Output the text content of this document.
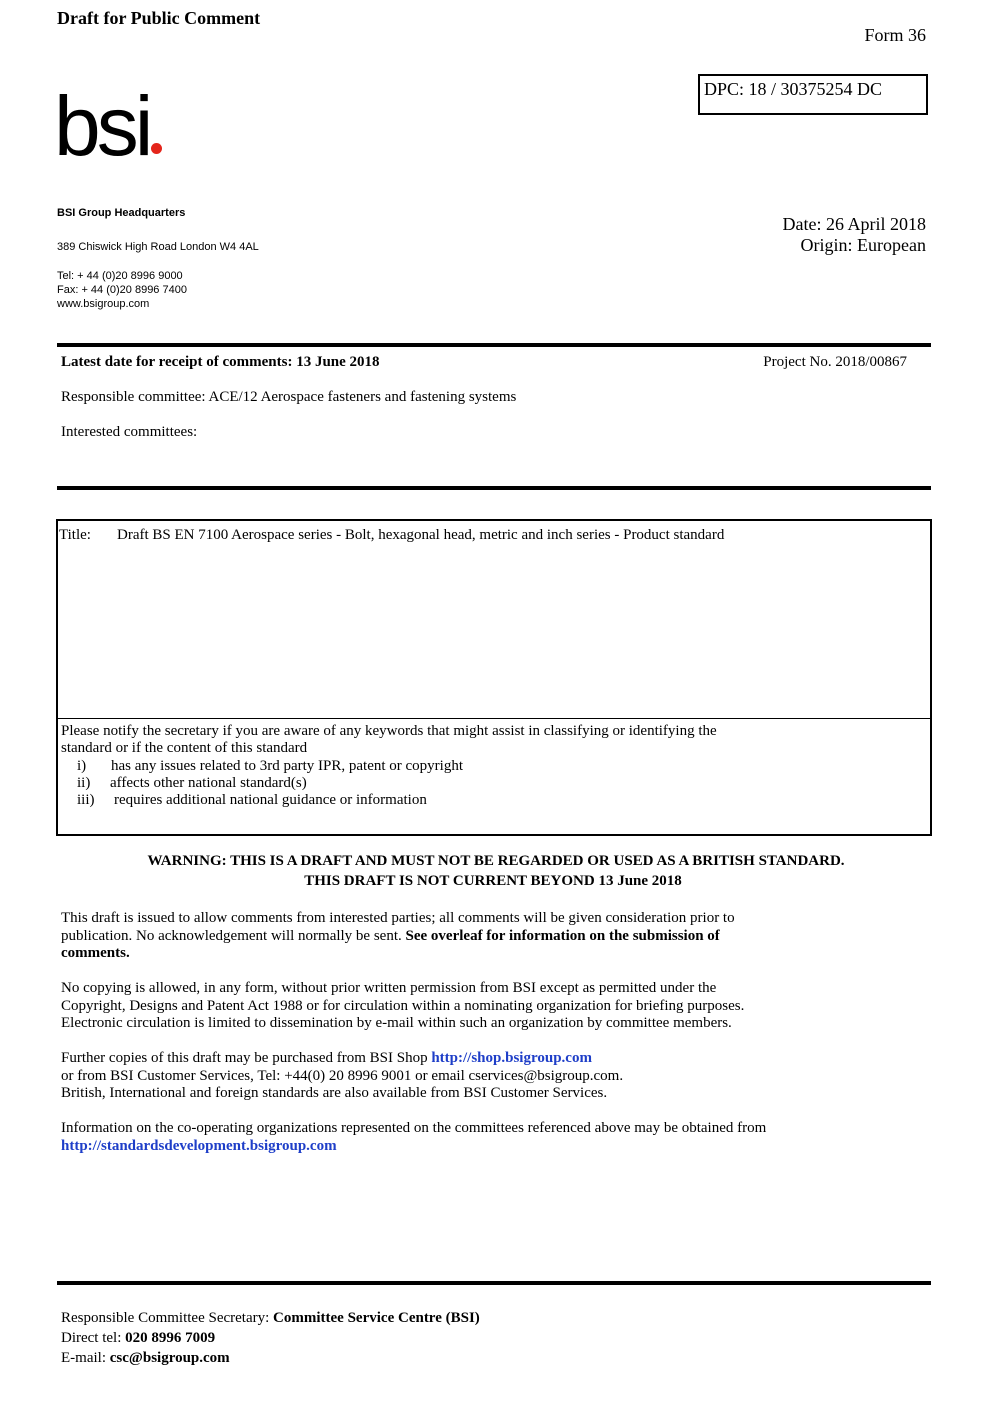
Draft for Public Comment
Form 36
DPC: 18 / 30375254 DC
bsi
BSI Group Headquarters
389 Chiswick High Road London W4 4AL
Tel: + 44 (0)20 8996 9000
Fax: + 44 (0)20 8996 7400
www.bsigroup.com
Date: 26 April 2018
Origin: European
Latest date for receipt of comments: 13 June 2018	Project No. 2018/00867
Responsible committee: ACE/12 Aerospace fasteners and fastening systems
Interested committees:
Title: Draft BS EN 7100 Aerospace series - Bolt, hexagonal head, metric and inch series - Product standard
Please notify the secretary if you are aware of any keywords that might assist in classifying or identifying the
standard or if the content of this standard
i) has any issues related to 3rd party IPR, patent or copyright
ii) affects other national standard(s)
iii) requires additional national guidance or information
WARNING: THIS IS A DRAFT AND MUST NOT BE REGARDED OR USED AS A BRITISH STANDARD.
THIS DRAFT IS NOT CURRENT BEYOND 13 June 2018
This draft is issued to allow comments from interested parties; all comments will be given consideration prior to
publication. No acknowledgement will normally be sent. See overleaf for information on the submission of
comments.
No copying is allowed, in any form, without prior written permission from BSI except as permitted under the
Copyright, Designs and Patent Act 1988 or for circulation within a nominating organization for briefing purposes.
Electronic circulation is limited to dissemination by e-mail within such an organization by committee members.
Further copies of this draft may be purchased from BSI Shop http://shop.bsigroup.com
or from BSI Customer Services, Tel: +44(0) 20 8996 9001 or email cservices@bsigroup.com.
British, International and foreign standards are also available from BSI Customer Services.
Information on the co-operating organizations represented on the committees referenced above may be obtained from
http://standardsdevelopment.bsigroup.com
Responsible Committee Secretary: Committee Service Centre (BSI)
Direct tel: 020 8996 7009
E-mail: csc@bsigroup.com
